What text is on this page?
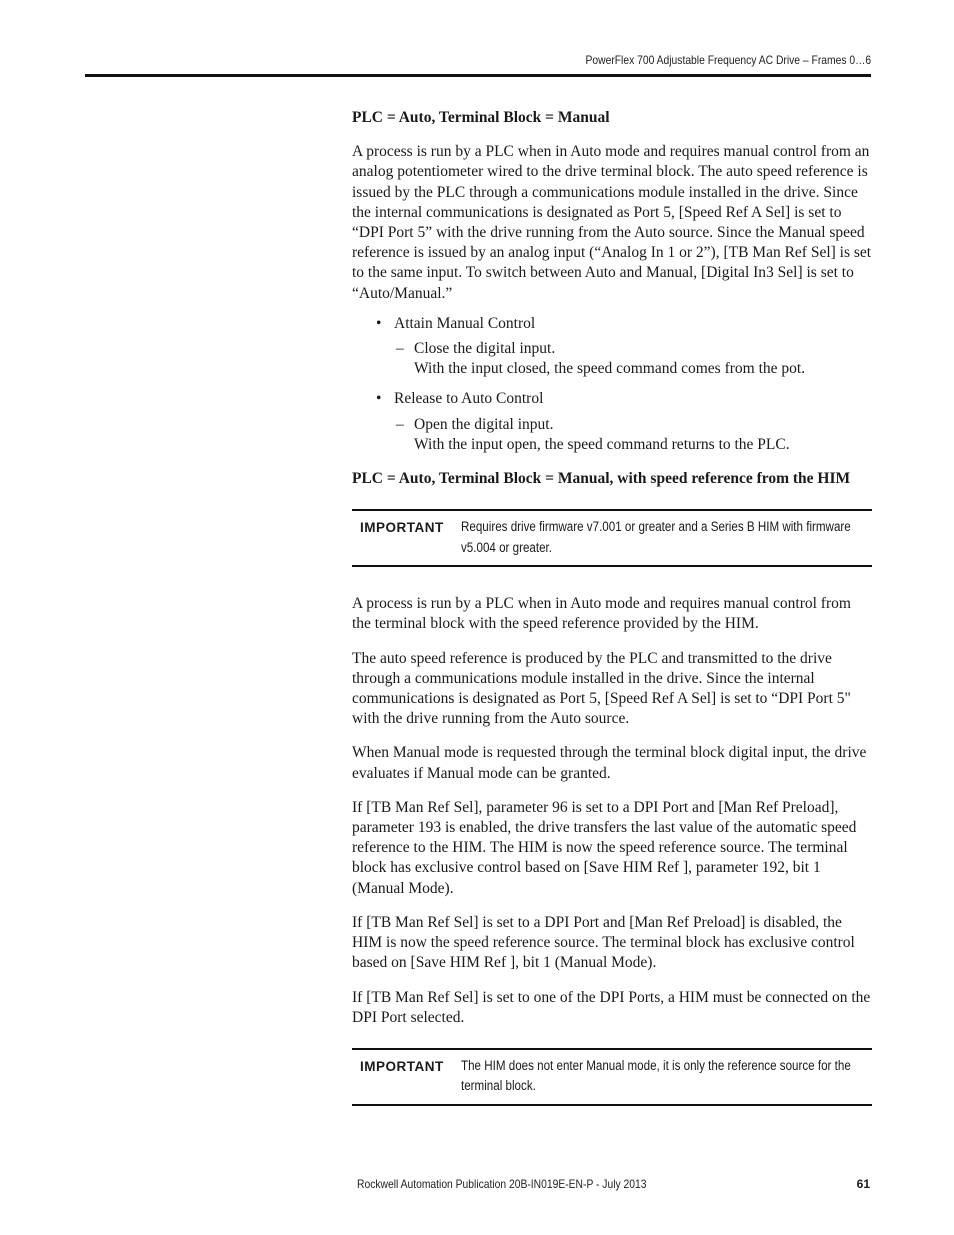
PowerFlex 700 Adjustable Frequency AC Drive – Frames 0…6

PLC = Auto, Terminal Block = Manual

A process is run by a PLC when in Auto mode and requires manual control from an analog potentiometer wired to the drive terminal block. The auto speed reference is issued by the PLC through a communications module installed in the drive. Since the internal communications is designated as Port 5, [Speed Ref A Sel] is set to “DPI Port 5” with the drive running from the Auto source. Since the Manual speed reference is issued by an analog input (“Analog In 1 or 2”), [TB Man Ref Sel] is set to the same input. To switch between Auto and Manual, [Digital In3 Sel] is set to “Auto/Manual.”

• Attain Manual Control
– Close the digital input.
With the input closed, the speed command comes from the pot.
• Release to Auto Control
– Open the digital input.
With the input open, the speed command returns to the PLC.

PLC = Auto, Terminal Block = Manual, with speed reference from the HIM

IMPORTANT	Requires drive firmware v7.001 or greater and a Series B HIM with firmware v5.004 or greater.

A process is run by a PLC when in Auto mode and requires manual control from the terminal block with the speed reference provided by the HIM.

The auto speed reference is produced by the PLC and transmitted to the drive through a communications module installed in the drive. Since the internal communications is designated as Port 5, [Speed Ref A Sel] is set to “DPI Port 5" with the drive running from the Auto source.

When Manual mode is requested through the terminal block digital input, the drive evaluates if Manual mode can be granted.

If [TB Man Ref Sel], parameter 96 is set to a DPI Port and [Man Ref Preload], parameter 193 is enabled, the drive transfers the last value of the automatic speed reference to the HIM. The HIM is now the speed reference source. The terminal block has exclusive control based on [Save HIM Ref ], parameter 192, bit 1 (Manual Mode).

If [TB Man Ref Sel] is set to a DPI Port and [Man Ref Preload] is disabled, the HIM is now the speed reference source. The terminal block has exclusive control based on [Save HIM Ref ], bit 1 (Manual Mode).

If [TB Man Ref Sel] is set to one of the DPI Ports, a HIM must be connected on the DPI Port selected.

IMPORTANT	The HIM does not enter Manual mode, it is only the reference source for the terminal block.
Rockwell Automation Publication 20B-IN019E-EN-P - July 2013	61
